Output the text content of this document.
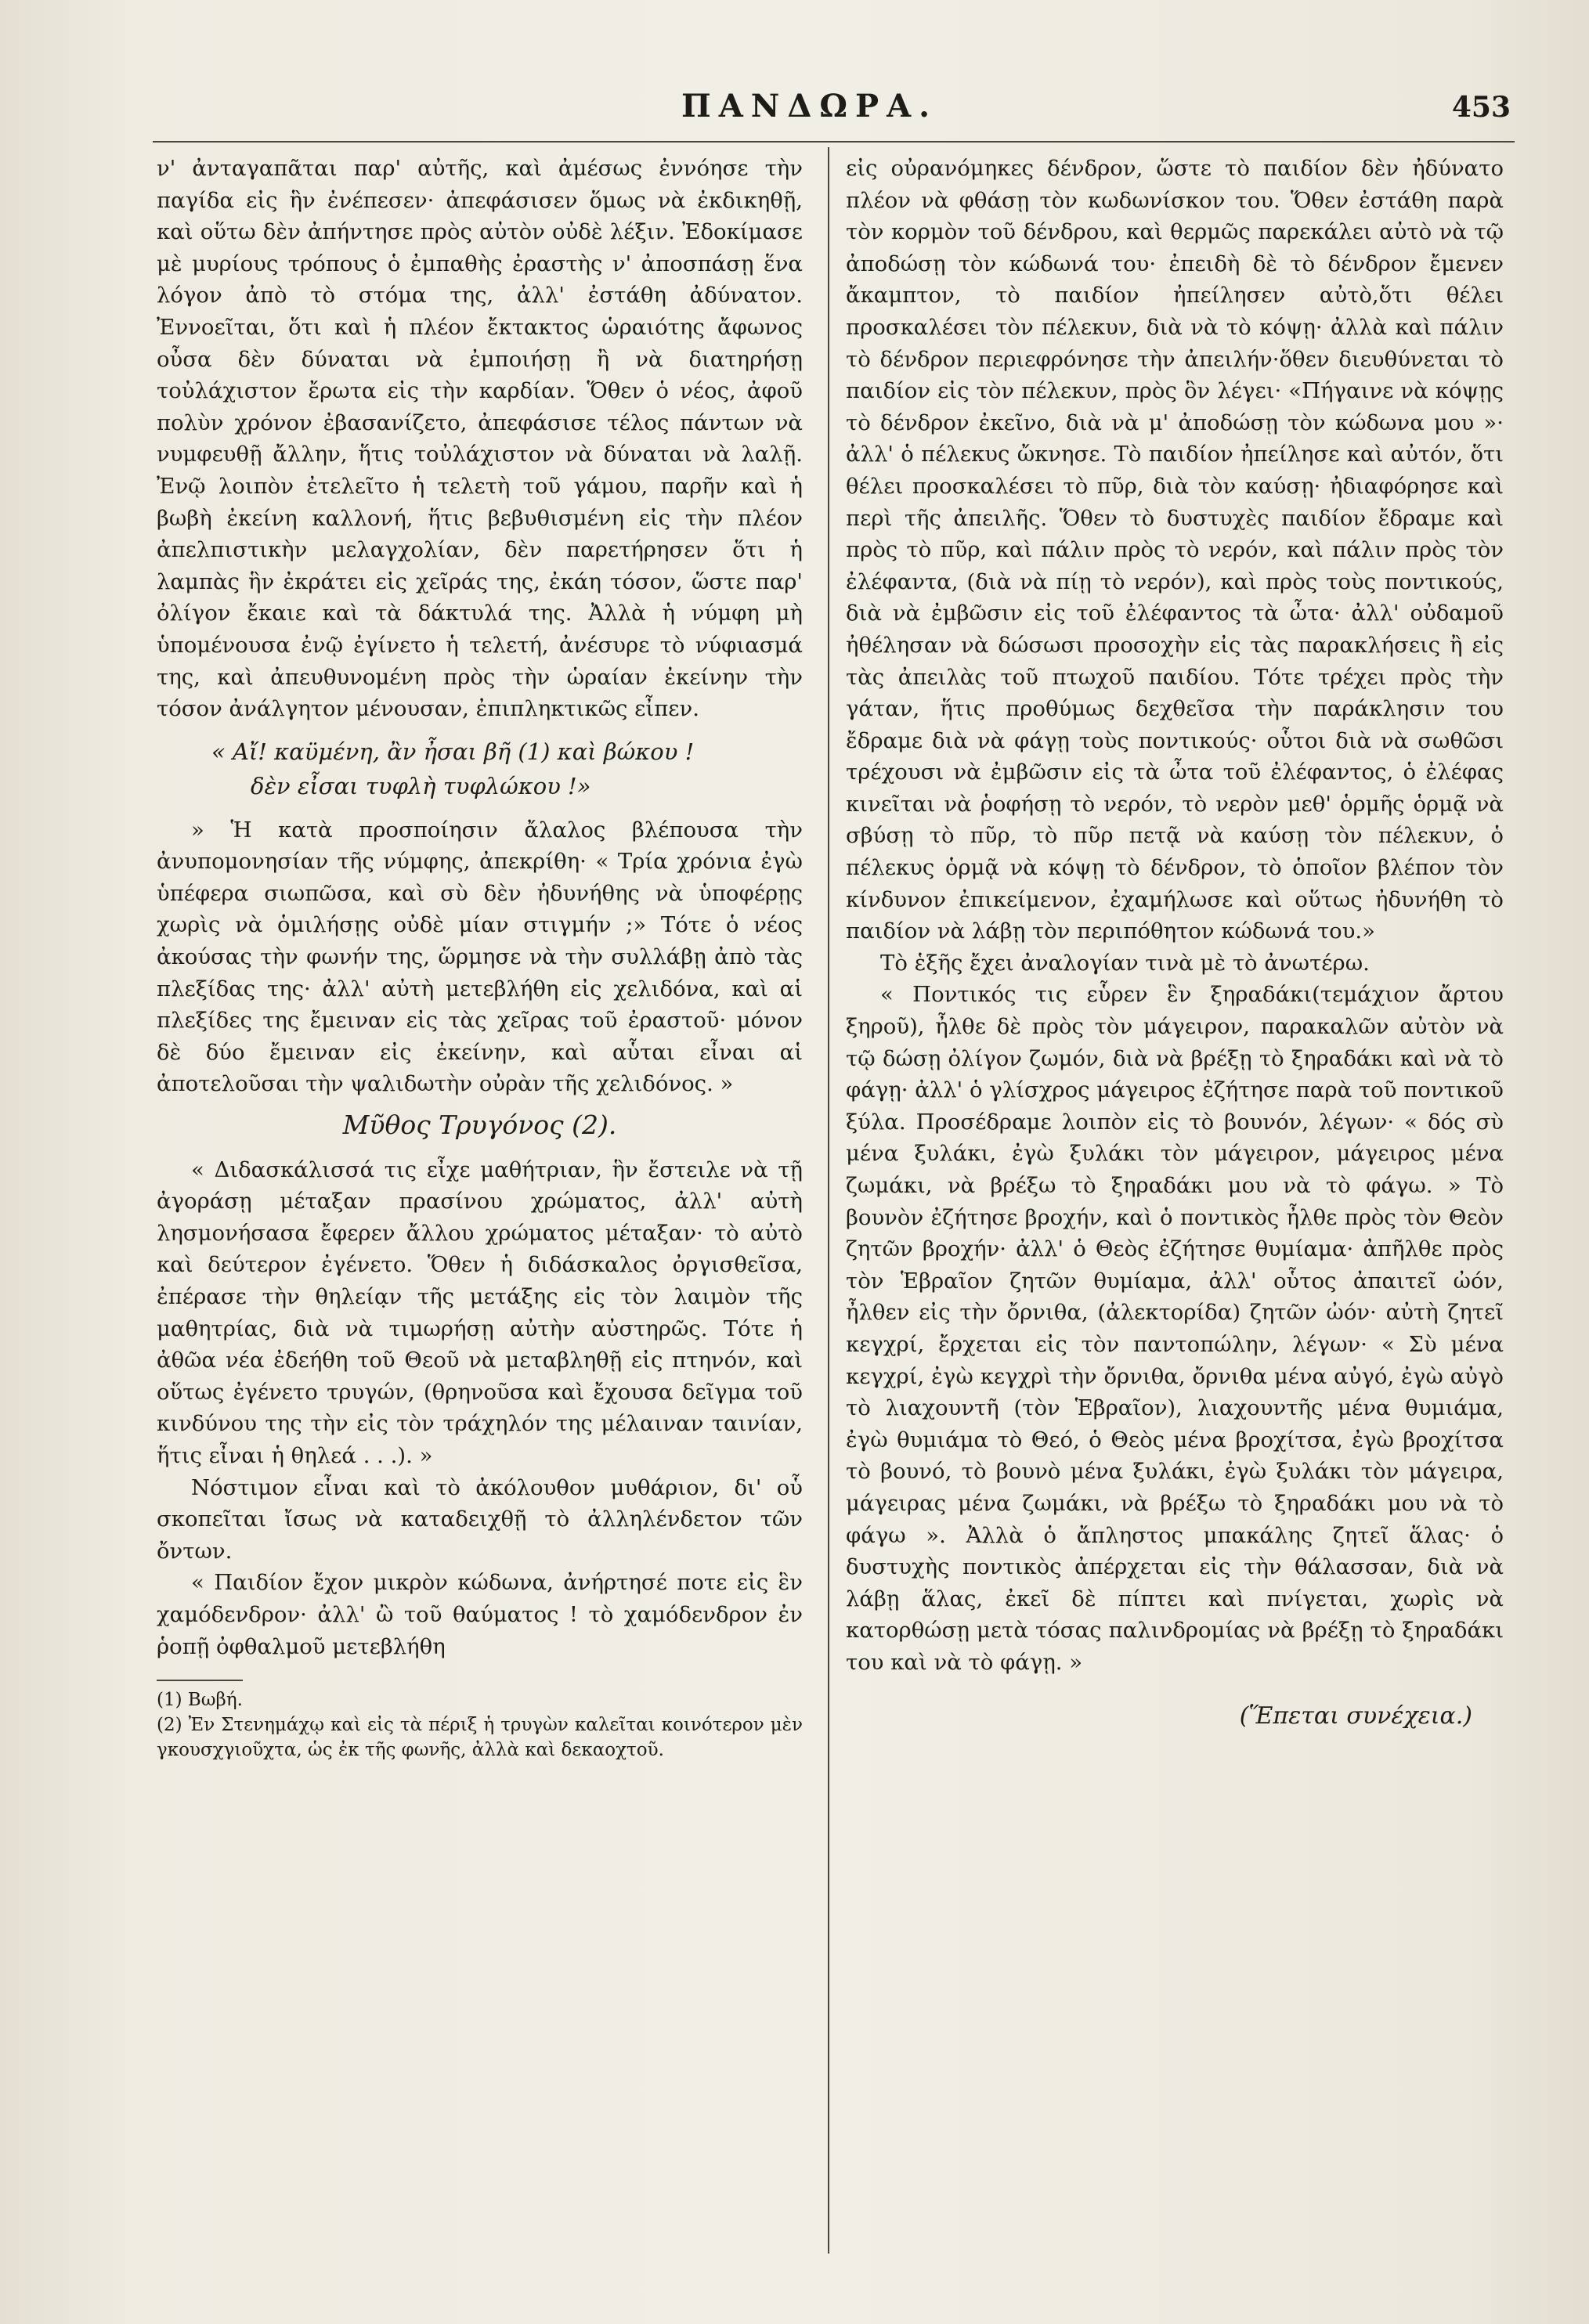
ΠΑΝΔΩΡΑ.	453

ν' ἀνταγαπᾶται παρ' αὐτῆς, καὶ ἀμέσως ἐννόησε τὴν παγίδα εἰς ἣν ἐνέπεσεν· ἀπεφάσισεν ὅμως νὰ ἐκδικηθῇ, καὶ οὕτω δὲν ἀπήντησε πρὸς αὐτὸν οὐδὲ λέξιν. Ἐδοκίμασε μὲ μυρίους τρόπους ὁ ἐμπαθὴς ἐραστὴς ν' ἀποσπάσῃ ἕνα λόγον ἀπὸ τὸ στόμα της, ἀλλ' ἐστάθη ἀδύνατον. Ἐννοεῖται, ὅτι καὶ ἡ πλέον ἔκτακτος ὡραιότης ἄφωνος οὖσα δὲν δύναται νὰ ἐμποιήσῃ ἢ νὰ διατηρήσῃ τοὐλάχιστον ἔρωτα εἰς τὴν καρδίαν. Ὅθεν ὁ νέος, ἀφοῦ πολὺν χρόνον ἐβασανίζετο, ἀπεφάσισε τέλος πάντων νὰ νυμφευθῇ ἄλλην, ἥτις τοὐλάχιστον νὰ δύναται νὰ λαλῇ. Ἐνῷ λοιπὸν ἐτελεῖτο ἡ τελετὴ τοῦ γάμου, παρῆν καὶ ἡ βωβὴ ἐκείνη καλλονή, ἥτις βεβυθισμένη εἰς τὴν πλέον ἀπελπιστικὴν μελαγχολίαν, δὲν παρετήρησεν ὅτι ἡ λαμπὰς ἣν ἐκράτει εἰς χεῖράς της, ἐκάη τόσον, ὥστε παρ' ὀλίγον ἔκαιε καὶ τὰ δάκτυλά της. Ἀλλὰ ἡ νύμφη μὴ ὑπομένουσα ἐνῷ ἐγίνετο ἡ τελετή, ἀνέσυρε τὸ νύφιασμά της, καὶ ἀπευθυνομένη πρὸς τὴν ὡραίαν ἐκείνην τὴν τόσον ἀνάλγητον μένουσαν, ἐπιπληκτικῶς εἶπεν.

« Αἴ! καϋμένη, ἂν ἦσαι βῆ (1) καὶ βώκου !
δὲν εἶσαι τυφλὴ τυφλώκου !»

» Ἡ κατὰ προσποίησιν ἄλαλος βλέπουσα τὴν ἀνυπομονησίαν τῆς νύμφης, ἀπεκρίθη· « Τρία χρόνια ἐγὼ ὑπέφερα σιωπῶσα, καὶ σὺ δὲν ἠδυνήθης νὰ ὑποφέρῃς χωρὶς νὰ ὁμιλήσῃς οὐδὲ μίαν στιγμήν ;» Τότε ὁ νέος ἀκούσας τὴν φωνήν της, ὥρμησε νὰ τὴν συλλάβῃ ἀπὸ τὰς πλεξίδας της· ἀλλ' αὐτὴ μετεβλήθη εἰς χελιδόνα, καὶ αἱ πλεξίδες της ἔμειναν εἰς τὰς χεῖρας τοῦ ἐραστοῦ· μόνον δὲ δύο ἔμειναν εἰς ἐκείνην, καὶ αὗται εἶναι αἱ ἀποτελοῦσαι τὴν ψαλιδωτὴν οὐρὰν τῆς χελιδόνος. »

Μῦθος Τρυγόνος (2).

« Διδασκάλισσά τις εἶχε μαθήτριαν, ἣν ἔστειλε νὰ τῇ ἀγοράσῃ μέταξαν πρασίνου χρώματος, ἀλλ' αὐτὴ λησμονήσασα ἔφερεν ἄλλου χρώματος μέταξαν· τὸ αὐτὸ καὶ δεύτερον ἐγένετο. Ὅθεν ἡ διδάσκαλος ὀργισθεῖσα, ἐπέρασε τὴν θηλεία̣ν τῆς μετάξης εἰς τὸν λαιμὸν τῆς μαθητρίας, διὰ νὰ τιμωρήσῃ αὐτὴν αὐστηρῶς. Τότε ἡ ἀθῶα νέα ἐδεήθη τοῦ Θεοῦ νὰ μεταβληθῇ εἰς πτηνόν, καὶ οὕτως ἐγένετο τρυγών, (θρηνοῦσα καὶ ἔχουσα δεῖγμα τοῦ κινδύνου της τὴν εἰς τὸν τράχηλόν της μέλαιναν ταινίαν, ἥτις εἶναι ἡ θηλεά . . .). »

Νόστιμον εἶναι καὶ τὸ ἀκόλουθον μυθάριον, δι' οὗ σκοπεῖται ἴσως νὰ καταδειχθῇ τὸ ἀλληλένδετον τῶν ὄντων.

« Παιδίον ἔχον μικρὸν κώδωνα, ἀνήρτησέ ποτε εἰς ἓν χαμόδενδρον· ἀλλ' ὢ τοῦ θαύματος ! τὸ χαμόδενδρον ἐν ῥοπῇ ὀφθαλμοῦ μετεβλήθη

(1) Βωβή.

(2) Ἐν Στενημάχῳ καὶ εἰς τὰ πέριξ ἡ τρυγὼν καλεῖται κοινότερον μὲν γκουσχγιοῦχτα, ὡς ἐκ τῆς φωνῆς, ἀλλὰ καὶ δεκαοχτοῦ.

εἰς οὐρανόμηκες δένδρον, ὥστε τὸ παιδίον δὲν ἠδύνατο πλέον νὰ φθάσῃ τὸν κωδωνίσκον του. Ὅθεν ἐστάθη παρὰ τὸν κορμὸν τοῦ δένδρου, καὶ θερμῶς παρεκάλει αὐτὸ νὰ τῷ ἀποδώσῃ τὸν κώδωνά του· ἐπειδὴ δὲ τὸ δένδρον ἔμενεν ἄκαμπτον, τὸ παιδίον ἠπείλησεν αὐτὸ,ὅτι θέλει προσκαλέσει τὸν πέλεκυν, διὰ νὰ τὸ κόψῃ· ἀλλὰ καὶ πάλιν τὸ δένδρον περιεφρόνησε τὴν ἀπειλήν·ὅθεν διευθύνεται τὸ παιδίον εἰς τὸν πέλεκυν, πρὸς ὃν λέγει· «Πήγαινε νὰ κόψῃς τὸ δένδρον ἐκεῖνο, διὰ νὰ μ' ἀποδώσῃ τὸν κώδωνα μου »· ἀλλ' ὁ πέλεκυς ὤκνησε. Τὸ παιδίον ἠπείλησε καὶ αὐτόν, ὅτι θέλει προσκαλέσει τὸ πῦρ, διὰ τὸν καύσῃ· ἠδιαφόρησε καὶ περὶ τῆς ἀπειλῆς. Ὅθεν τὸ δυστυχὲς παιδίον ἔδραμε καὶ πρὸς τὸ πῦρ, καὶ πάλιν πρὸς τὸ νερόν, καὶ πάλιν πρὸς τὸν ἐλέφαντα, (διὰ νὰ πίῃ τὸ νερόν), καὶ πρὸς τοὺς ποντικούς, διὰ νὰ ἐμβῶσιν εἰς τοῦ ἐλέφαντος τὰ ὦτα· ἀλλ' οὐδαμοῦ ἠθέλησαν νὰ δώσωσι προσοχὴν εἰς τὰς παρακλήσεις ἢ εἰς τὰς ἀπειλὰς τοῦ πτωχοῦ παιδίου. Τότε τρέχει πρὸς τὴν γάταν, ἥτις προθύμως δεχθεῖσα τὴν παράκλησιν του ἔδραμε διὰ νὰ φάγῃ τοὺς ποντικούς· οὗτοι διὰ νὰ σωθῶσι τρέχουσι νὰ ἐμβῶσιν εἰς τὰ ὦτα τοῦ ἐλέφαντος, ὁ ἐλέφας κινεῖται νὰ ῥοφήσῃ τὸ νερόν, τὸ νερὸν μεθ' ὁρμῆς ὁρμᾷ νὰ σβύσῃ τὸ πῦρ, τὸ πῦρ πετᾷ νὰ καύσῃ τὸν πέλεκυν, ὁ πέλεκυς ὁρμᾷ νὰ κόψῃ τὸ δένδρον, τὸ ὁποῖον βλέπον τὸν κίνδυνον ἐπικείμενον, ἐχαμήλωσε καὶ οὕτως ἠδυνήθη τὸ παιδίον νὰ λάβῃ τὸν περιπόθητον κώδωνά του.»

Τὸ ἑξῆς ἔχει ἀναλογίαν τινὰ μὲ τὸ ἀνωτέρω.

« Ποντικός τις εὗρεν ἓν ξηραδάκι(τεμάχιον ἄρτου ξηροῦ), ἦλθε δὲ πρὸς τὸν μάγειρον, παρακαλῶν αὐτὸν νὰ τῷ δώσῃ ὀλίγον ζωμόν, διὰ νὰ βρέξῃ τὸ ξηραδάκι καὶ νὰ τὸ φάγῃ· ἀλλ' ὁ γλίσχρος μάγειρος ἐζήτησε παρὰ τοῦ ποντικοῦ ξύλα. Προσέδραμε λοιπὸν εἰς τὸ βουνόν, λέγων· « δός σὺ μένα ξυλάκι, ἐγὼ ξυλάκι τὸν μάγειρον, μάγειρος μένα ζωμάκι, νὰ βρέξω τὸ ξηραδάκι μου νὰ τὸ φάγω. » Τὸ βουνὸν ἐζήτησε βροχήν, καὶ ὁ ποντικὸς ἦλθε πρὸς τὸν Θεὸν ζητῶν βροχήν· ἀλλ' ὁ Θεὸς ἐζήτησε θυμίαμα· ἀπῆλθε πρὸς τὸν Ἑβραῖον ζητῶν θυμίαμα, ἀλλ' οὗτος ἀπαιτεῖ ὠόν, ἦλθεν εἰς τὴν ὄρνιθα, (ἀλεκτορίδα) ζητῶν ὠόν· αὐτὴ ζητεῖ κεγχρί, ἔρχεται εἰς τὸν παντοπώλην, λέγων· « Σὺ μένα κεγχρί, ἐγὼ κεγχρὶ τὴν ὄρνιθα, ὄρνιθα μένα αὐγό, ἐγὼ αὐγὸ τὸ λιαχουντῆ (τὸν Ἑβραῖον), λιαχουντῆς μένα θυμιάμα, ἐγὼ θυμιάμα τὸ Θεό, ὁ Θεὸς μένα βροχίτσα, ἐγὼ βροχίτσα τὸ βουνό, τὸ βουνὸ μένα ξυλάκι, ἐγὼ ξυλάκι τὸν μάγειρα, μάγειρας μένα ζωμάκι, νὰ βρέξω τὸ ξηραδάκι μου νὰ τὸ φάγω ». Ἀλλὰ ὁ ἄπληστος μπακάλης ζητεῖ ἅλας· ὁ δυστυχὴς ποντικὸς ἀπέρχεται εἰς τὴν θάλασσαν, διὰ νὰ λάβῃ ἅλας, ἐκεῖ δὲ πίπτει καὶ πνίγεται, χωρὶς νὰ κατορθώσῃ μετὰ τόσας παλινδρομίας νὰ βρέξῃ τὸ ξηραδάκι του καὶ νὰ τὸ φάγῃ. »

(Ἕπεται συνέχεια.)
